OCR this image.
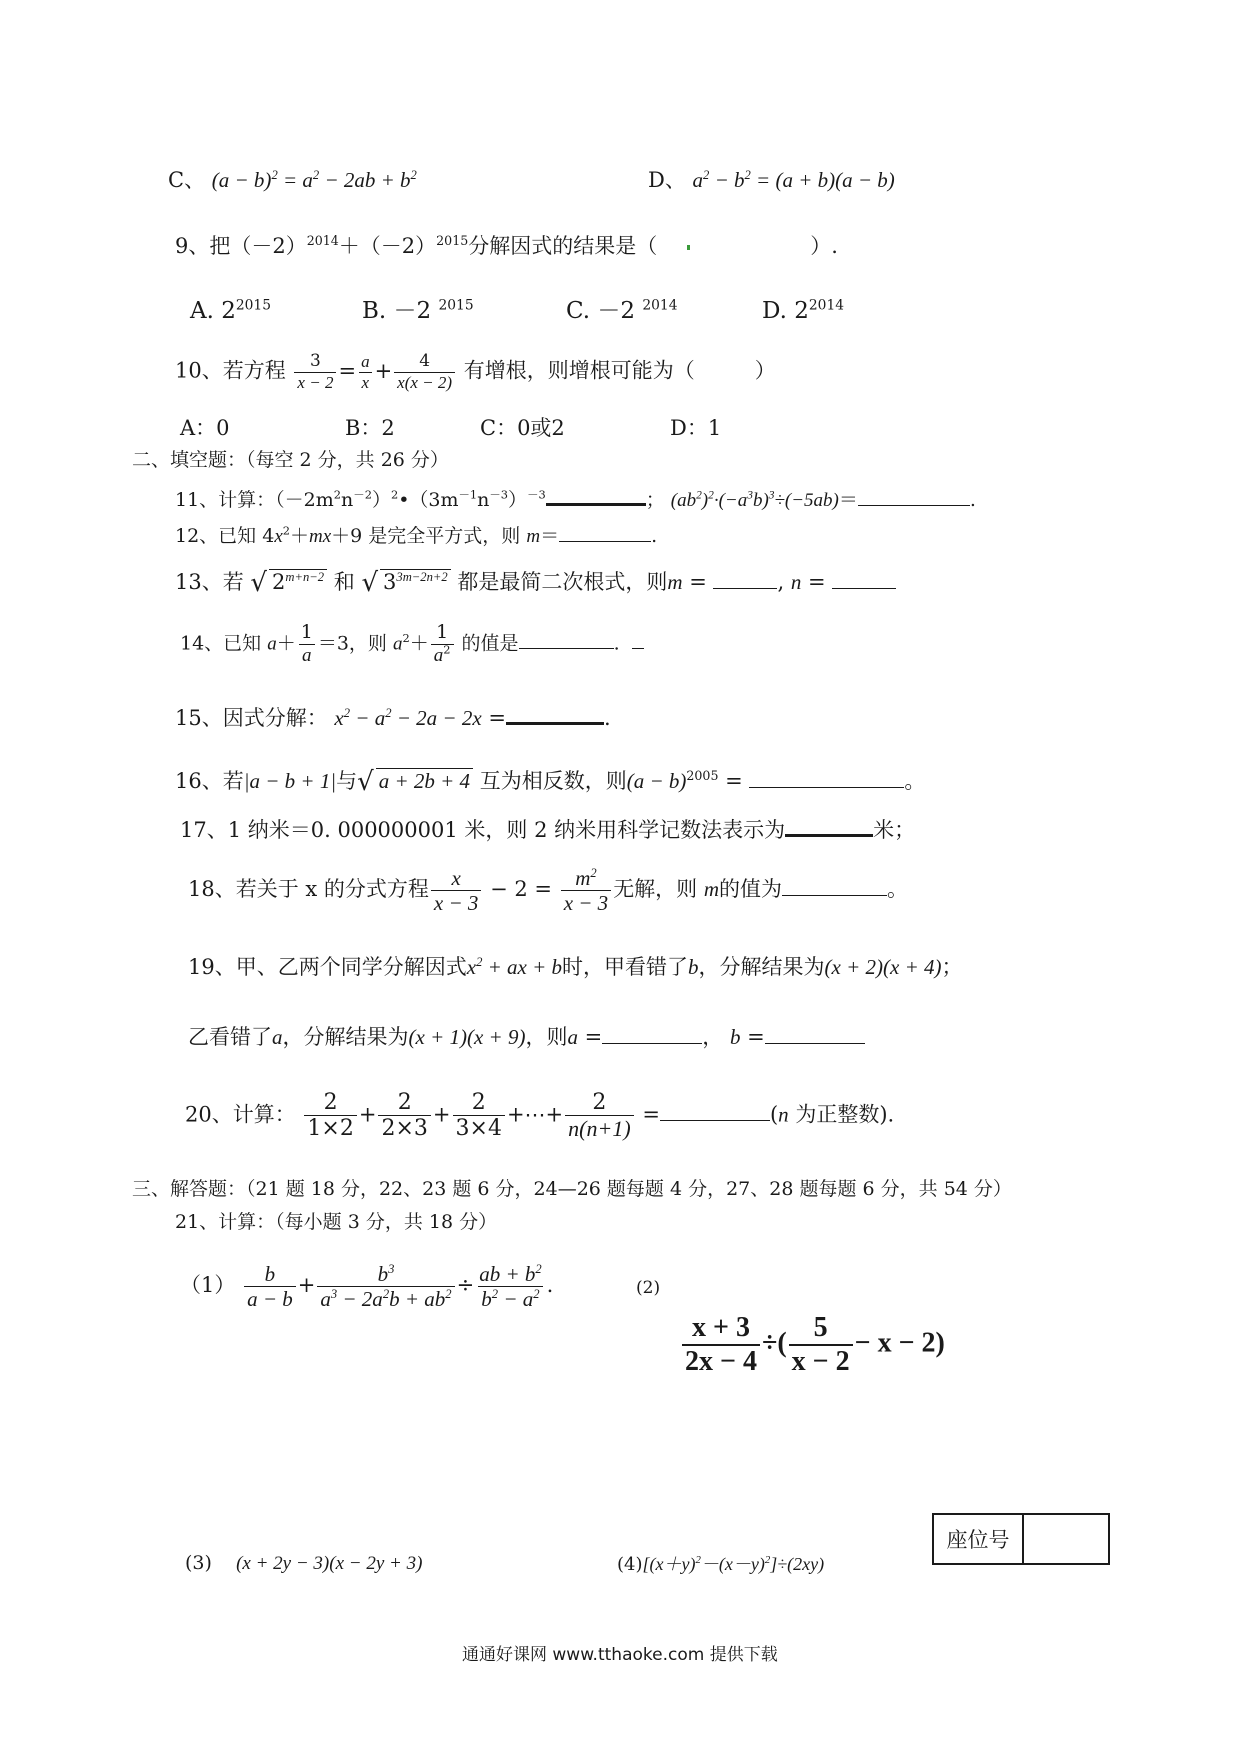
C、 $(a - b)^2 = a^2 - 2ab + b^2$	D、 $a^2 - b^2 = (a + b)(a - b)$
9、把$(-2)^{2014}+(-2)^{2015}$分解因式的结果是（	）.
A. $2^{2015}$	B. －2 $^{2015}$	C. －2 $^{2014}$	D. $2^{2014}$
10、若方程 $\frac{3}{x - 2} = \frac{a}{x} + \frac{4}{x(x - 2)}$ 有增根，则增根可能为（	）
A：0	B：2	C：0或2	D：1
二、填空题：（每空 2 分，共 26 分）
11、计算：$(-2m^2n^{-2})^2•(3m^{-1}n^{-3})^{-3}$	； $(ab^2)^2\cdot(-a^3b)^3\div(-5ab)=$	.
12、已知 $4x^2+mx+9$ 是完全平方式，则 m＝	.
13、若 √ $2^{m+n-2}$ 和 √ $3^{3m-2n+2}$ 都是最简二次根式，则m =	, n =
14、已知 $a+ \frac{1}{a} =3$，则 $a^2+ \frac{1}{a^2}$ 的值是	.
15、因式分解： $x^2 - a^2 - 2a - 2x$ =	.
16、若|a − b + 1|与√ a + 2b + 4 互为相反数，则$(a - b)^{2005}$ =	。
17、1 纳米＝0. 000000001 米，则 2 纳米用科学记数法表示为	米；
18、若关于 x 的分式方程 $\frac{x}{x - 3} - 2 = \frac{m^2}{x - 3}$ 无解，则 m的值为	。
19、甲、乙两个同学分解因式$x^2$ + ax + b时，甲看错了b，分解结果为(x + 2)(x + 4)；
乙看错了a，分解结果为(x + 1)(x + 9)，则a =	， b =
20、计算： $\frac{2}{1\times 2} + \frac{2}{2\times 3} + \frac{2}{3\times 4}$ +⋯+ $\frac{2}{n(n+1)}$ =	(n 为正整数).
三、解答题：（21 题 18 分，22、23 题 6 分，24—26 题每题 4 分，27、28 题每题 6 分，共 54 分）
21、计算：（每小题 3 分，共 18 分）
$(1) \frac{b}{a - b} + \frac{b^3}{a^3 - 2a^2b + ab^2} \div \frac{ab + b^2}{b^2 - a^2}$ .	(2)
$\frac{x + 3}{2x - 4}$ ÷( $\frac{5}{x - 2} - x - 2$)
座位号
(3) (x + 2y − 3)(x − 2y + 3)	$(4)[(x+y)^2-(x-y)^2]\div(2xy)$
通通好课网 www.tthaoke.com 提供下载
